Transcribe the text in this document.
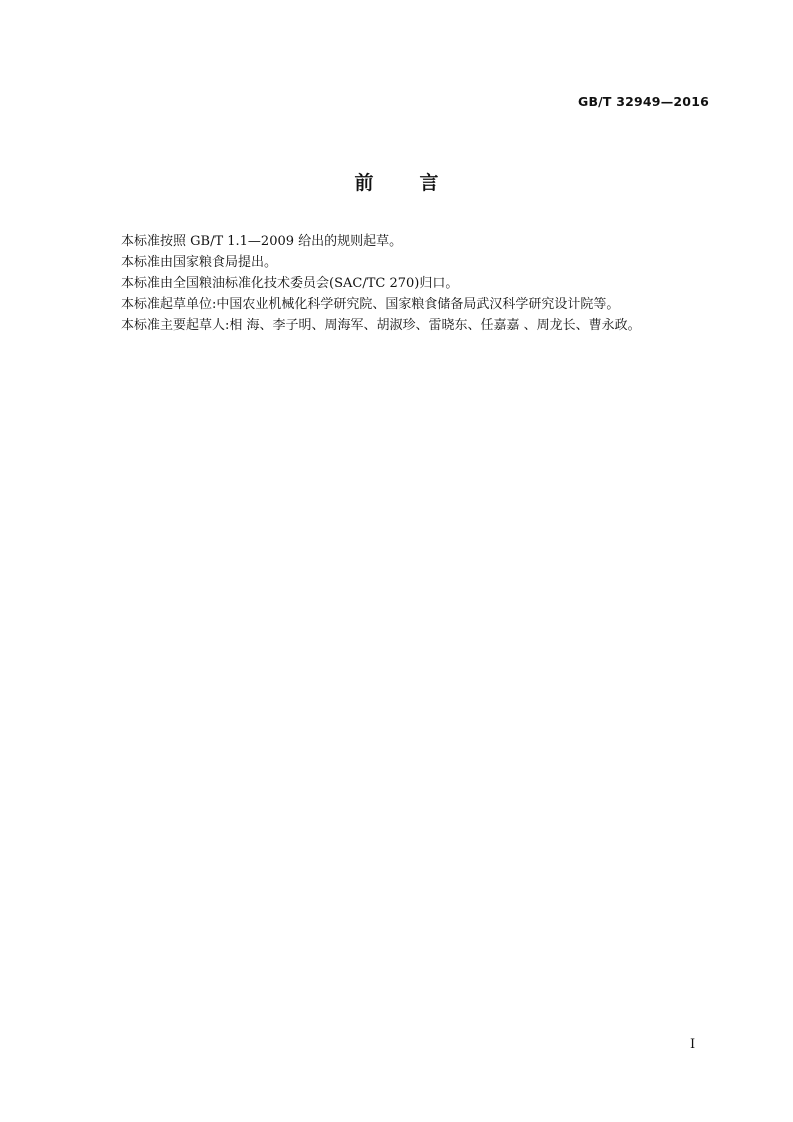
GB/T 32949—2016
前言

本标准按照 GB/T 1.1—2009 给出的规则起草。

本标准由国家粮食局提出。

本标准由全国粮油标准化技术委员会(SAC/TC 270)归口。

本标准起草单位:中国农业机械化科学研究院、国家粮食储备局武汉科学研究设计院等。

本标准主要起草人:相 海、李子明、周海军、胡淑珍、雷晓东、任嘉嘉 、周龙长、曹永政。

I
